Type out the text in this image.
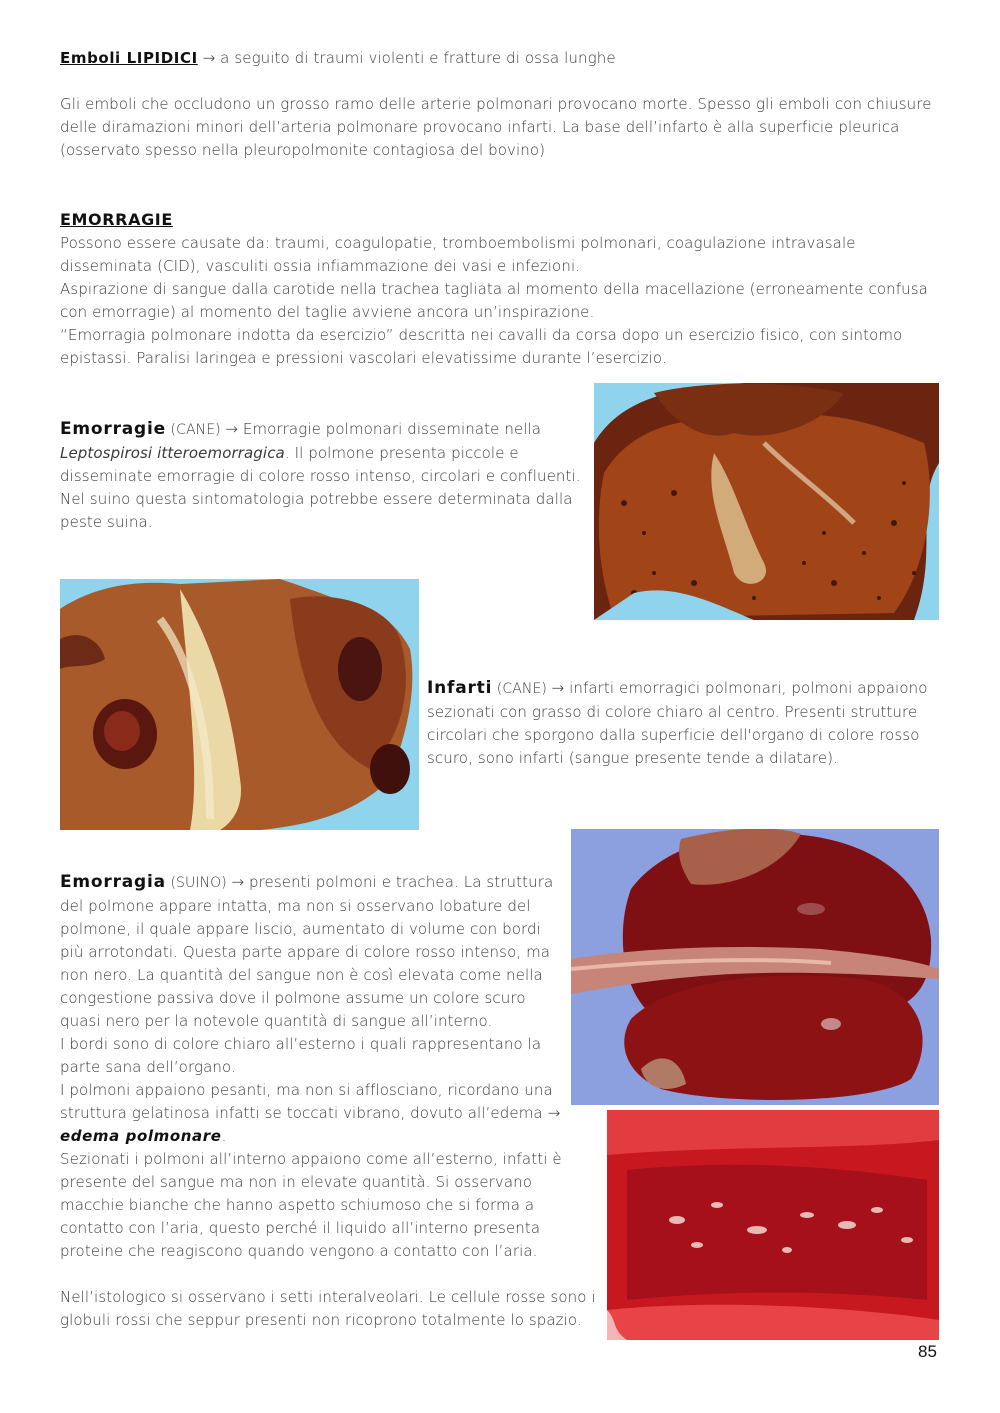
Emboli LIPIDICI → a seguito di traumi violenti e fratture di ossa lunghe

Gli emboli che occludono un grosso ramo delle arterie polmonari provocano morte. Spesso gli emboli con chiusure delle diramazioni minori dell’arteria polmonare provocano infarti. La base dell’infarto è alla superficie pleurica (osservato spesso nella pleuropolmonite contagiosa del bovino)

EMORRAGIE

Possono essere causate da: traumi, coagulopatie, tromboembolismi polmonari, coagulazione intravasale disseminata (CID), vasculiti ossia infiammazione dei vasi e infezioni.

Aspirazione di sangue dalla carotide nella trachea tagliata al momento della macellazione (erroneamente confusa con emorragie) al momento del taglie avviene ancora un’inspirazione.

“Emorragia polmonare indotta da esercizio” descritta nei cavalli da corsa dopo un esercizio fisico, con sintomo epistassi. Paralisi laringea e pressioni vascolari elevatissime durante l’esercizio.

Emorragie (CANE) → Emorragie polmonari disseminate nella Leptospirosi itteroemorragica. Il polmone presenta piccole e disseminate emorragie di colore rosso intenso, circolari e confluenti. Nel suino questa sintomatologia potrebbe essere determinata dalla peste suina.

Infarti (CANE) → infarti emorragici polmonari, polmoni appaiono sezionati con grasso di colore chiaro al centro. Presenti strutture circolari che sporgono dalla superficie dell'organo di colore rosso scuro, sono infarti (sangue presente tende a dilatare).

Emorragia (SUINO) → presenti polmoni e trachea. La struttura del polmone appare intatta, ma non si osservano lobature del polmone, il quale appare liscio, aumentato di volume con bordi più arrotondati. Questa parte appare di colore rosso intenso, ma non nero. La quantità del sangue non è così elevata come nella congestione passiva dove il polmone assume un colore scuro quasi nero per la notevole quantità di sangue all’interno.

I bordi sono di colore chiaro all’esterno i quali rappresentano la parte sana dell’organo.

I polmoni appaiono pesanti, ma non si afflosciano, ricordano una struttura gelatinosa infatti se toccati vibrano, dovuto all’edema → edema polmonare.

Sezionati i polmoni all’interno appaiono come all’esterno, infatti è presente del sangue ma non in elevate quantità. Si osservano macchie bianche che hanno aspetto schiumoso che si forma a contatto con l’aria, questo perché il liquido all’interno presenta proteine che reagiscono quando vengono a contatto con l’aria.

Nell’istologico si osservano i setti interalveolari. Le cellule rosse sono i globuli rossi che seppur presenti non ricoprono totalmente lo spazio.

85
